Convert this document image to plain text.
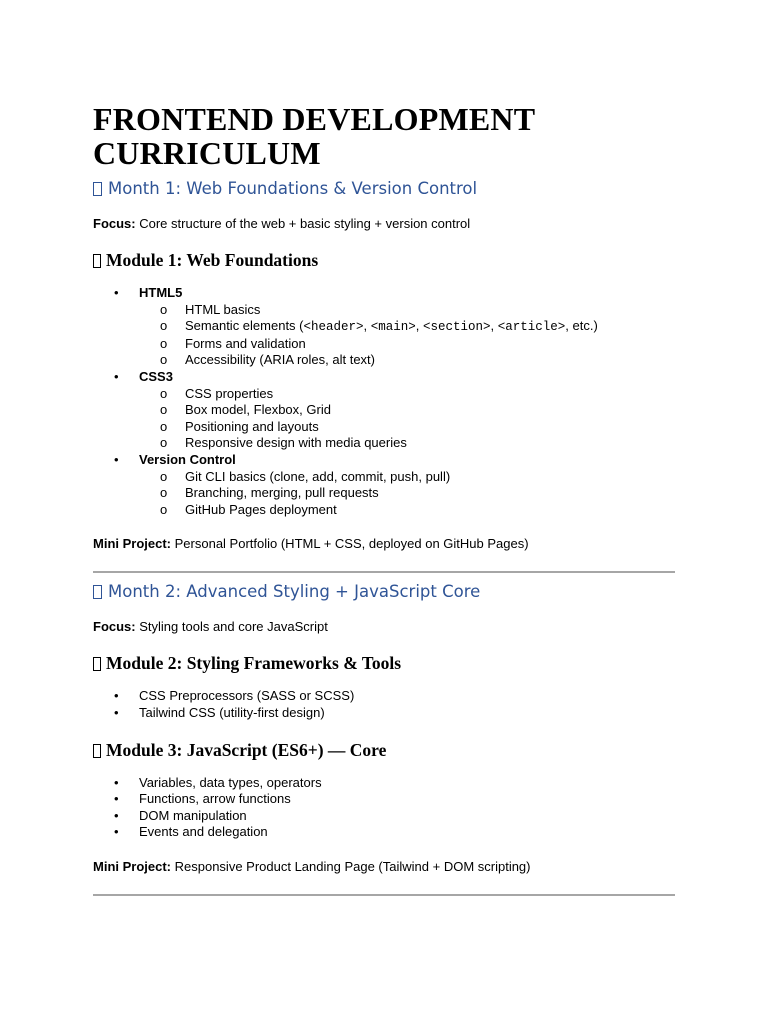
FRONTEND DEVELOPMENT CURRICULUM
Month 1: Web Foundations & Version Control

Focus: Core structure of the web + basic styling + version control

Module 1: Web Foundations
• HTML5
o HTML basics
o Semantic elements (<header>, <main>, <section>, <article>, etc.)
o Forms and validation
o Accessibility (ARIA roles, alt text)
• CSS3
o CSS properties
o Box model, Flexbox, Grid
o Positioning and layouts
o Responsive design with media queries
• Version Control
o Git CLI basics (clone, add, commit, push, pull)
o Branching, merging, pull requests
o GitHub Pages deployment

Mini Project: Personal Portfolio (HTML + CSS, deployed on GitHub Pages)

Month 2: Advanced Styling + JavaScript Core

Focus: Styling tools and core JavaScript

Module 2: Styling Frameworks & Tools
• CSS Preprocessors (SASS or SCSS)
• Tailwind CSS (utility-first design)
Module 3: JavaScript (ES6+) — Core
• Variables, data types, operators
• Functions, arrow functions
• DOM manipulation
• Events and delegation

Mini Project: Responsive Product Landing Page (Tailwind + DOM scripting)
